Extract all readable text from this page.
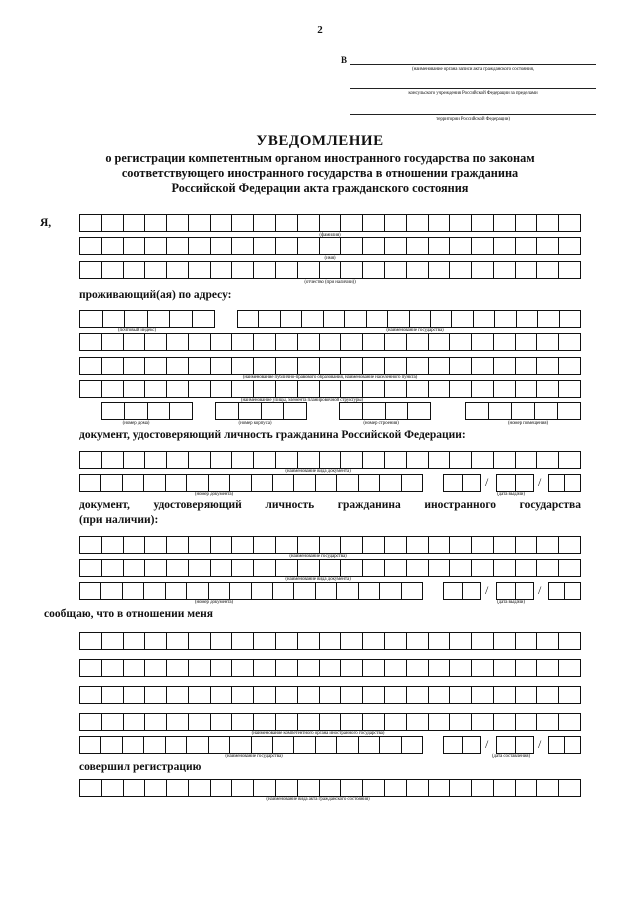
2
В
(наименование органа записи акта гражданского состояния,
консульского учреждения Российской Федерации за пределами
территории Российской Федерации)
УВЕДОМЛЕНИЕ
о регистрации компетентным органом иностранного государства по законам
соответствующего иностранного государства в отношении гражданина
Российской Федерации акта гражданского состояния
Я,
(фамилия)
(имя)
(отчество (при наличии))
проживающий(ая) по адресу:
(почтовый индекс)	(наименование государства)
(наименование публично-правового образования, наименование населенного пункта)
(наименование улицы, элемента планировочной структуры)
(номер дома)	(номер корпуса)	(номер строения)	(номер помещения)
документ, удостоверяющий личность гражданина Российской Федерации:
(наименование вида документа)
(номер документа)
/	/
(дата выдачи)
документ, удостоверяющий личность гражданина иностранного государства
(при наличии):
(наименование государства)
(наименование вида документа)
(номер документа)
/	/
(дата выдачи)
сообщаю, что в отношении меня
(наименование компетентного органа иностранного государства)
(наименование государства)
/	/
(дата составления)
совершил регистрацию
(наименование вида акта гражданского состояния)
